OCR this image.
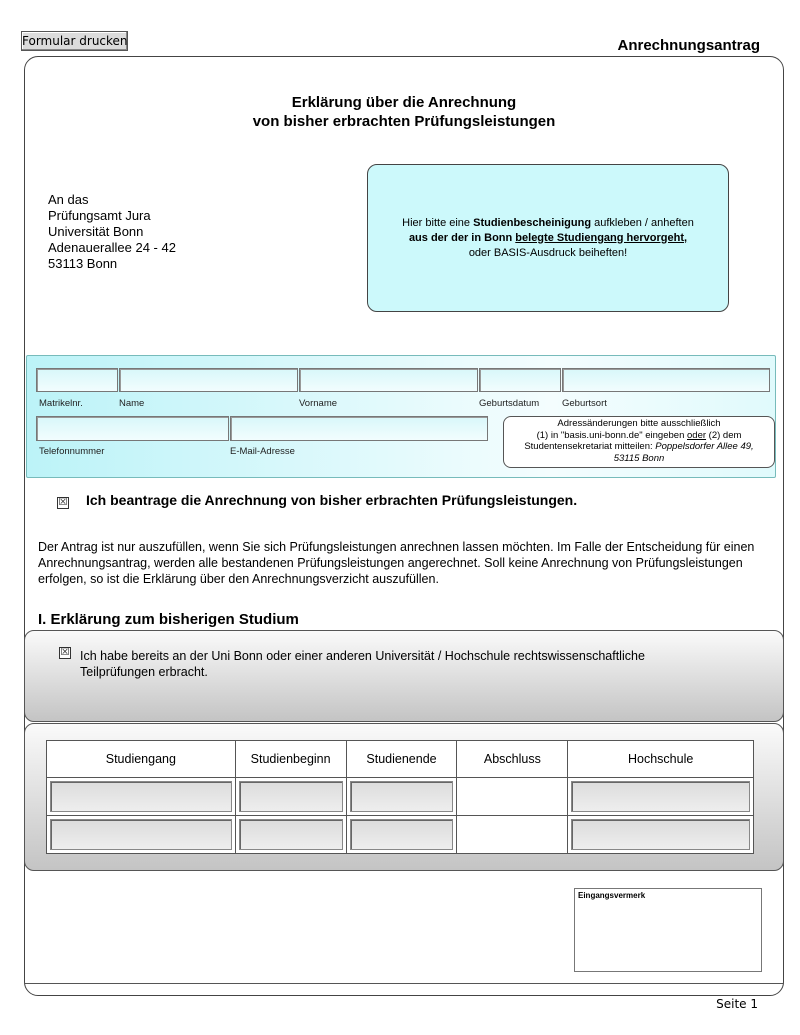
Formular drucken	Anrechnungsantrag
Erklärung über die Anrechnung
von bisher erbrachten Prüfungsleistungen
An das
Prüfungsamt Jura
Universität Bonn
Adenauerallee 24 - 42
53113 Bonn
Hier bitte eine Studienbescheinigung aufkleben / anheften
aus der der in Bonn belegte Studiengang hervorgeht,
oder BASIS-Ausdruck beiheften!
Matrikelnr.	Name	Vorname	Geburtsdatum Geburtsort
Telefonnummer	E-Mail-Adresse
Adressänderungen bitte ausschließlich
(1) in "basis.uni-bonn.de" eingeben oder (2) dem
Studentensekretariat mitteilen: Poppelsdorfer Allee 49,
53115 Bonn
☒ Ich beantrage die Anrechnung von bisher erbrachten Prüfungsleistungen.
Der Antrag ist nur auszufüllen, wenn Sie sich Prüfungsleistungen anrechnen lassen möchten. Im Falle der Entscheidung für einen Anrechnungsantrag, werden alle bestandenen Prüfungsleistungen angerechnet. Soll keine Anrechnung von Prüfungsleistungen erfolgen, so ist die Erklärung über den Anrechnungsverzicht auszufüllen.
I. Erklärung zum bisherigen Studium
☒ Ich habe bereits an der Uni Bonn oder einer anderen Universität / Hochschule rechtswissenschaftliche Teilprüfungen erbracht.
Studiengang	Studienbeginn	Studienende	Abschluss	Hochschule

Eingangsvermerk
Seite 1
